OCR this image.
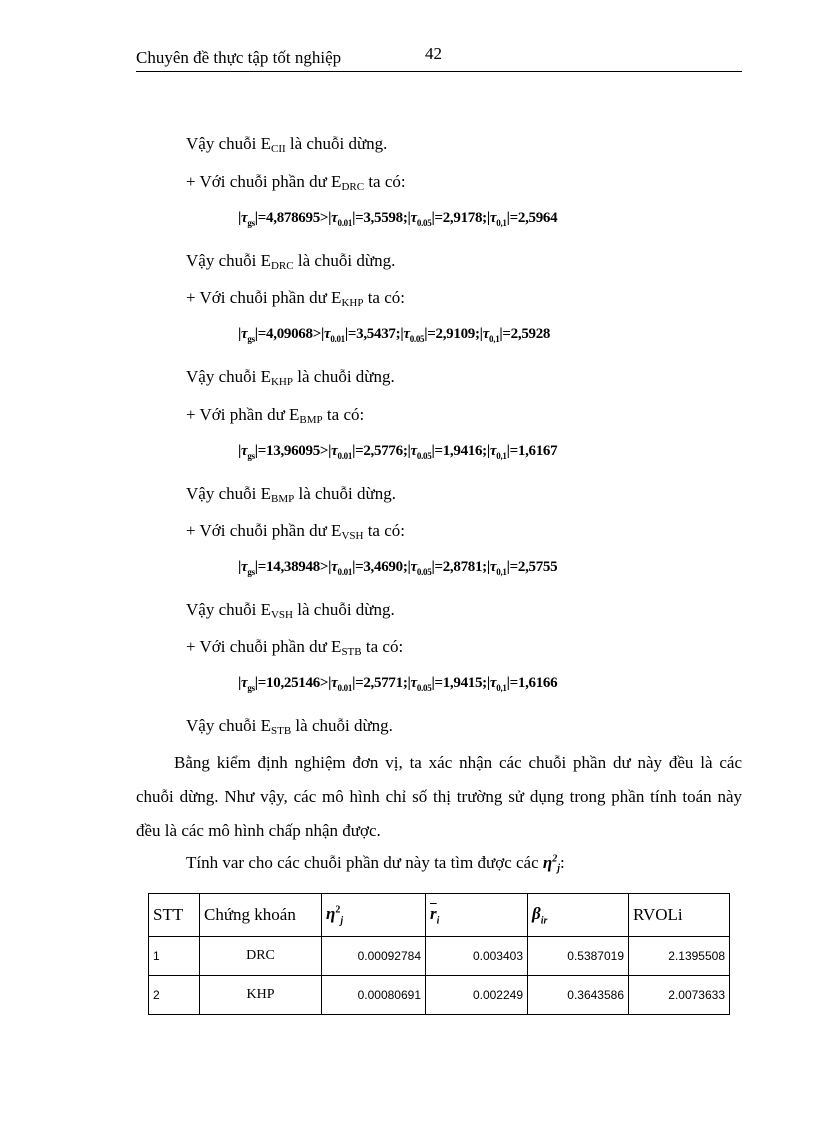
Chuyên đề thực tập tốt nghiệp	42
Vậy chuỗi $E_{CII}$ là chuỗi dừng.
+ Với chuỗi phần dư $E_{DRC}$ ta có:
$|\tau_{gs}|=4,878695>|\tau_{0.01}|=3,5598;|\tau_{0.05}|=2,9178;|\tau_{0,1}|=2,5964$
Vậy chuỗi $E_{DRC}$ là chuỗi dừng.
+ Với chuỗi phần dư $E_{KHP}$ ta có:
$|\tau_{gs}|=4,09068>|\tau_{0.01}|=3,5437;|\tau_{0.05}|=2,9109;|\tau_{0,1}|=2,5928$
Vậy chuỗi $E_{KHP}$ là chuỗi dừng.
+ Với phần dư $E_{BMP}$ ta có:
$|\tau_{gs}|=13,96095>|\tau_{0.01}|=2,5776;|\tau_{0.05}|=1,9416;|\tau_{0,1}|=1,6167$
Vậy chuỗi $E_{BMP}$ là chuỗi dừng.
+ Với chuỗi phần dư $E_{VSH}$ ta có:
$|\tau_{gs}|=14,38948>|\tau_{0.01}|=3,4690;|\tau_{0.05}|=2,8781;|\tau_{0,1}|=2,5755$
Vậy chuỗi $E_{VSH}$ là chuỗi dừng.
+ Với chuỗi phần dư $E_{STB}$ ta có:
$|\tau_{gs}|=10,25146>|\tau_{0.01}|=2,5771;|\tau_{0.05}|=1,9415;|\tau_{0,1}|=1,6166$
Vậy chuỗi $E_{STB}$ là chuỗi dừng.
Bằng kiểm định nghiệm đơn vị, ta xác nhận các chuỗi phần dư này đều là các chuỗi dừng. Như vậy, các mô hình chỉ số thị trường sử dụng trong phần tính toán này đều là các mô hình chấp nhận được.
Tính var cho các chuỗi phần dư này ta tìm được các $\eta^2_j$:
STT	Chứng khoán	$\eta^2_j$	$\overline{r}_i$	$\beta_{ir}$	RVOLi
1	DRC	0.00092784	0.003403	0.5387019	2.1395508
2	KHP	0.00080691	0.002249	0.3643586	2.0073633
